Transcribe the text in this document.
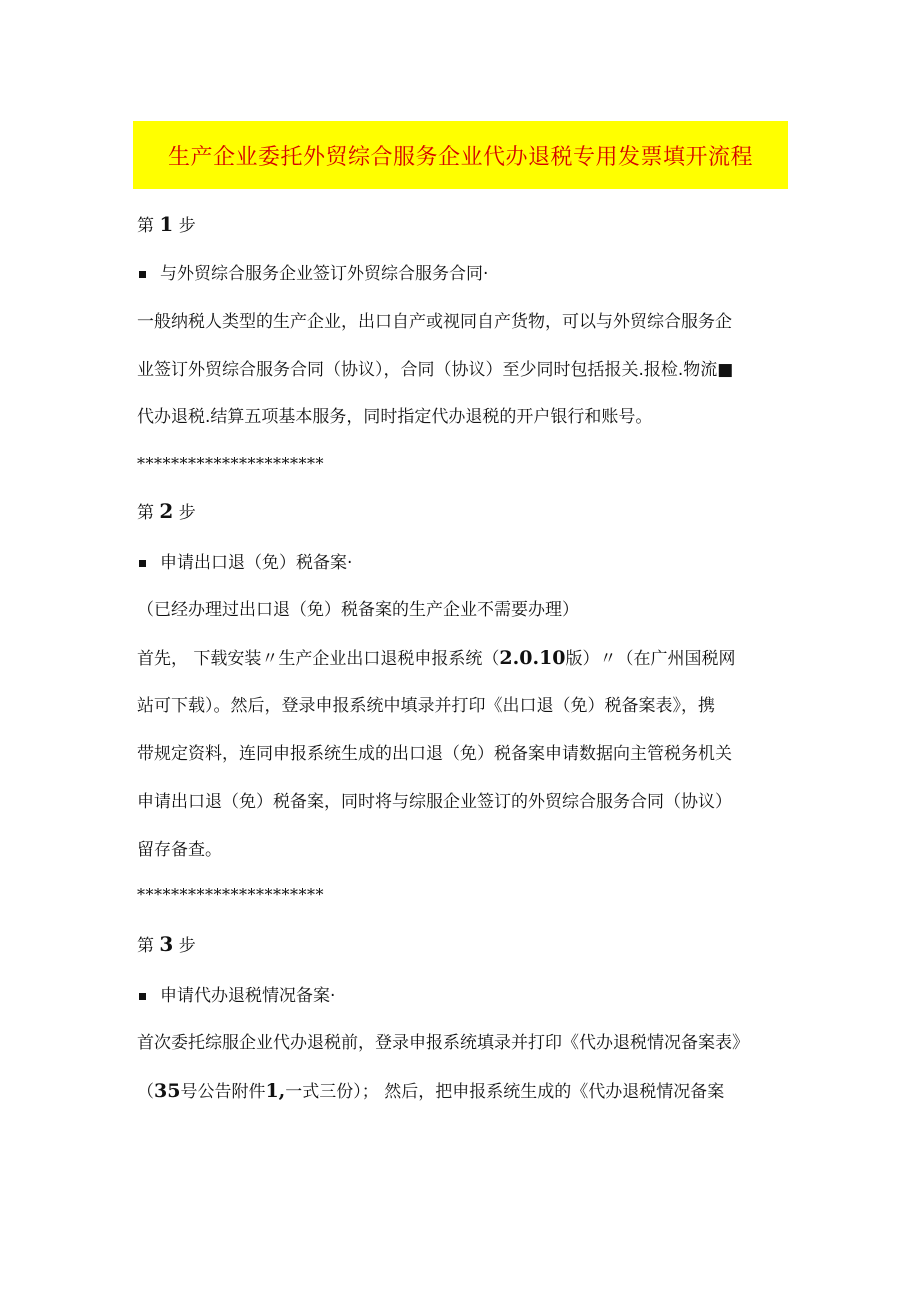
生产企业委托外贸综合服务企业代办退税专用发票填开流程
第 1 步
与外贸综合服务企业签订外贸综合服务合同·
一般纳税人类型的生产企业，出口自产或视同自产货物，可以与外贸综合服务企
业签订外贸综合服务合同（协议），合同（协议）至少同时包括报关.报检.物流■
代办退税.结算五项基本服务，同时指定代办退税的开户银行和账号。
**********************
第 2 步
申请出口退（免）税备案·
（已经办理过出口退（免）税备案的生产企业不需要办理）
首先， 下载安装〃生产企业出口退税申报系统（2.0.10版）〃（在广州国税网
站可下载）。然后，登录申报系统中填录并打印《出口退（免）税备案表》，携
带规定资料，连同申报系统生成的出口退（免）税备案申请数据向主管税务机关
申请出口退（免）税备案，同时将与综服企业签订的外贸综合服务合同（协议）
留存备查。
**********************
第 3 步
申请代办退税情况备案·
首次委托综服企业代办退税前，登录申报系统填录并打印《代办退税情况备案表》
（35号公告附件1,一式三份）； 然后，把申报系统生成的《代办退税情况备案
